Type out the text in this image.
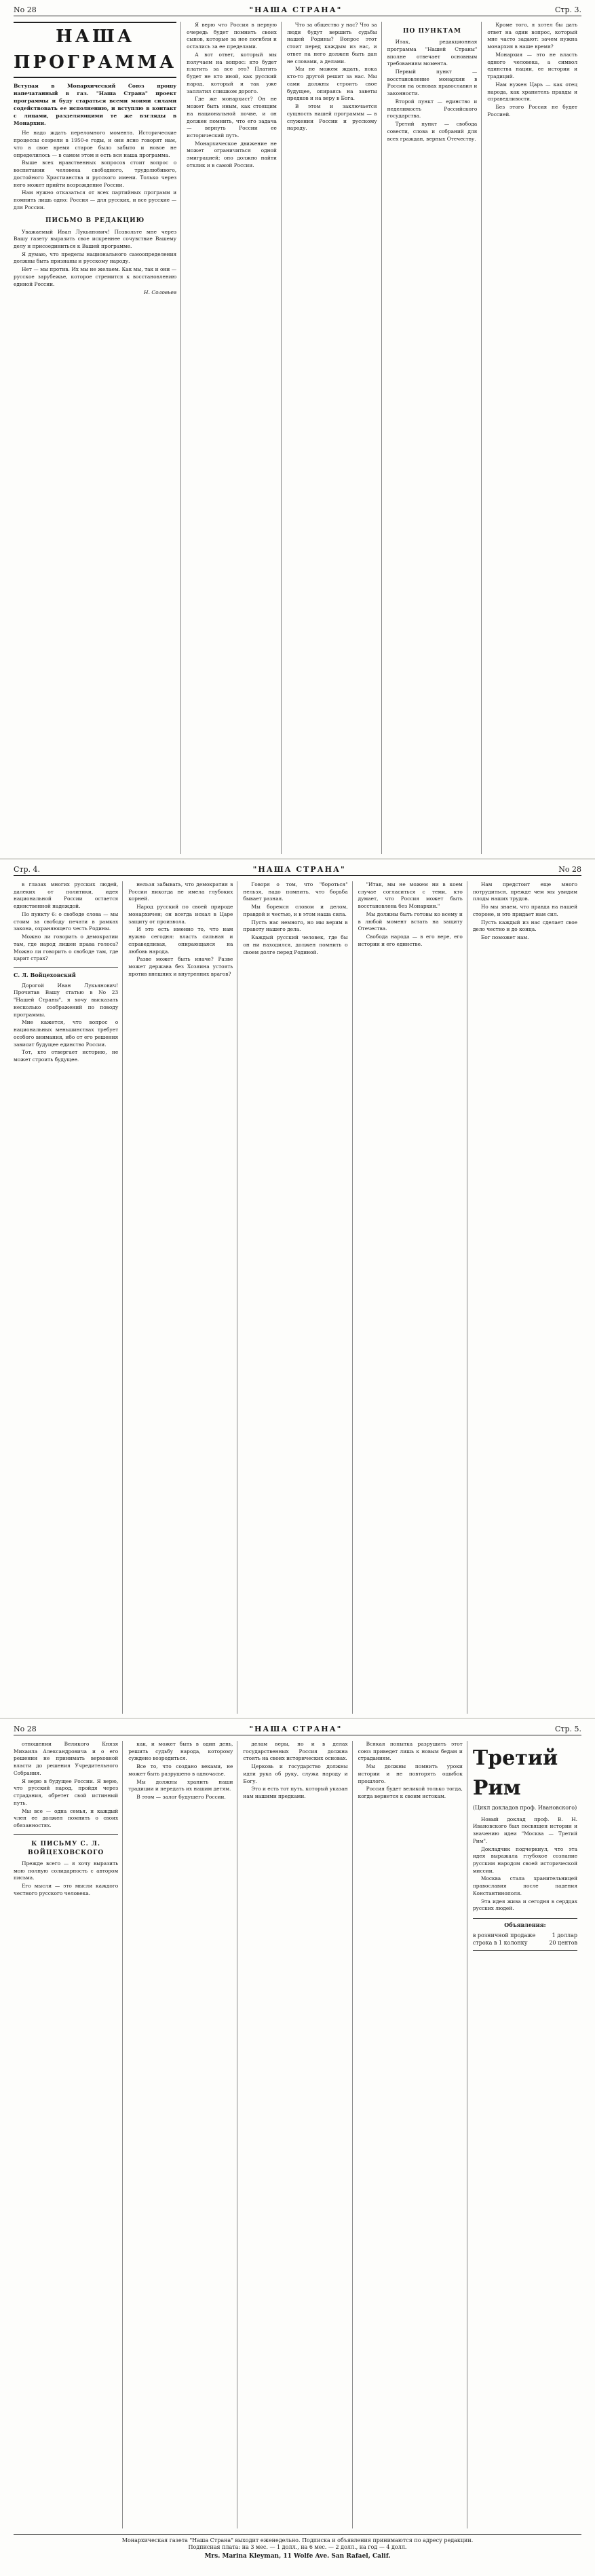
No 28	"НАША СТРАНА"	Стр. 3.
НАША ПРОГРАММА
Вступая в Монархический Союз прошу напечатанный в газ. "Наша Страна" проект программы и буду стараться всеми моими силами содействовать ее исполнению, и вступлю в контакт с лицами, разделяющими те же взгляды в Монархии.

Не надо ждать переломного момента. Исторические процессы созрели в 1950-е годы, и они ясно говорят нам, что в свое время старое было забыто и новое не определилось — в самом этом и есть вся наша программа.

Выше всех нравственных вопросов стоит вопрос о воспитании человека свободного, трудолюбивого, достойного Христианства и русского имени. Только через него может прийти возрождение России.

Нам нужно отказаться от всех партийных программ и помнить лишь одно: Россия — для русских, и все русские — для России.

ПИСЬМО В РЕДАКЦИЮ

Уважаемый Иван Лукьянович! Позвольте мне через Вашу газету выразить свое искреннее сочувствие Вашему делу и присоединиться к Вашей программе.

Я думаю, что пределы национального самоопределения должны быть признаны и русскому народу.

Нет — мы против. Их мы не желаем. Как мы, так и они — русское зарубежье, которое стремится к восстановлению единой России.

Н. Соловьев

Я верю что Россия в первую очередь будет помнить своих сынов, которые за нее погибли и остались за ее пределами.

А вот ответ, который мы получаем на вопрос: кто будет платить за все это? Платить будет не кто иной, как русский народ, который и так уже заплатил слишком дорого.

Где же монархист? Он не может быть иным, как стоящим на национальной почве, и он должен помнить, что его задача — вернуть России ее исторический путь.

Монархическое движение не может ограничиться одной эмиграцией; оно должно найти отклик и в самой России.

Что за общество у нас? Что за люди будут вершить судьбы нашей Родины? Вопрос этот стоит перед каждым из нас, и ответ на него должен быть дан не словами, а делами.

Мы не можем ждать, пока кто-то другой решит за нас. Мы сами должны строить свое будущее, опираясь на заветы предков и на веру в Бога.

В этом и заключается сущность нашей программы — в служении России и русскому народу.

ПО ПУНКТАМ

Итак, редакционная программа "Нашей Страны" вполне отвечает основным требованиям момента.

Первый пункт — восстановление монархии в России на основах православия и законности.

Второй пункт — единство и неделимость Российского государства.

Третий пункт — свобода совести, слова и собраний для всех граждан, верных Отечеству.

Кроме того, я хотел бы дать ответ на один вопрос, который мне часто задают: зачем нужна монархия в наше время?

Монархия — это не власть одного человека, а символ единства нации, ее истории и традиций.

Нам нужен Царь — как отец народа, как хранитель правды и справедливости.

Без этого Россия не будет Россией.

Стр. 4.	"НАША СТРАНА"	No 28

в глазах многих русских людей, далеких от политики, идея национальной России остается единственной надеждой.

По пункту 6: о свободе слова — мы стоим за свободу печати в рамках закона, охраняющего честь Родины.

Можно ли говорить о демократии там, где народ лишен права голоса? Можно ли говорить о свободе там, где царит страх?

С. Л. Войцеховский

Дорогой Иван Лукьянович! Прочитав Вашу статью в No 23 "Нашей Страны", я хочу высказать несколько соображений по поводу программы.

Мне кажется, что вопрос о национальных меньшинствах требует особого внимания, ибо от его решения зависит будущее единство России.

Тот, кто отвергает историю, не может строить будущее.

нельзя забывать, что демократия в России никогда не имела глубоких корней.

Народ русский по своей природе монархичен; он всегда искал в Царе защиту от произвола.

И это есть именно то, что нам нужно сегодня: власть сильная и справедливая, опирающаяся на любовь народа.

Разве может быть иначе? Разве может держава без Хозяина устоять против внешних и внутренних врагов?

Говоря о том, что "бороться" нельзя, надо помнить, что борьба бывает разная.

Мы боремся словом и делом, правдой и честью, и в этом наша сила.

Пусть нас немного, но мы верим в правоту нашего дела.

Каждый русский человек, где бы он ни находился, должен помнить о своем долге перед Родиной.

"Итак, мы не можем ни в коем случае согласиться с теми, кто думает, что Россия может быть восстановлена без Монархии."

Мы должны быть готовы ко всему и в любой момент встать на защиту Отечества.

Свобода народа — в его вере, его истории и его единстве.

Нам предстоит еще много потрудиться, прежде чем мы увидим плоды наших трудов.

Но мы знаем, что правда на нашей стороне, и это придает нам сил.

Пусть каждый из нас сделает свое дело честно и до конца.

Бог поможет нам.

No 28	"НАША СТРАНА"	Стр. 5.

отношении Великого Князя Михаила Александровича и о его решении не принимать верховной власти до решения Учредительного Собрания.

Я верю в будущее России. Я верю, что русский народ, пройдя через страдания, обретет свой истинный путь.

Мы все — одна семья, и каждый член ее должен помнить о своих обязанностях.

К ПИСЬМУ С. Л. ВОЙЦЕХОВСКОГО

Прежде всего — я хочу выразить мою полную солидарность с автором письма.

Его мысли — это мысли каждого честного русского человека.

как, и может быть в один день, решить судьбу народа, которому суждено возродиться.

Все то, что создано веками, не может быть разрушено в одночасье.

Мы должны хранить наши традиции и передать их нашим детям.

В этом — залог будущего России.

делам веры, но и в делах государственных Россия должна стоять на своих исторических основах.

Церковь и государство должны идти рука об руку, служа народу и Богу.

Это и есть тот путь, который указан нам нашими предками.

Всякая попытка разрушить этот союз приведет лишь к новым бедам и страданиям.

Мы должны помнить уроки истории и не повторять ошибок прошлого.

Россия будет великой только тогда, когда вернется к своим истокам.

Третий Рим
(Цикл докладов проф. Ивановского)

Новый доклад проф. В. Н. Ивановского был посвящен истории и значению идеи "Москва — Третий Рим".

Докладчик подчеркнул, что эта идея выражала глубокое сознание русским народом своей исторической миссии.

Москва стала хранительницей православия после падения Константинополя.

Эта идея жива и сегодня в сердцах русских людей.

Объявления:
в розничной продаже	1 доллар
строка в 1 колонку	20 центов
Монархическая газета "Наша Страна" выходит еженедельно. Подписка и объявления принимаются по адресу редакции.
Подписная плата: на 3 мес. — 1 долл., на 6 мес. — 2 долл., на год — 4 долл.
Mrs. Marina Kleyman, 11 Wolfe Ave. San Rafael, Calif.
